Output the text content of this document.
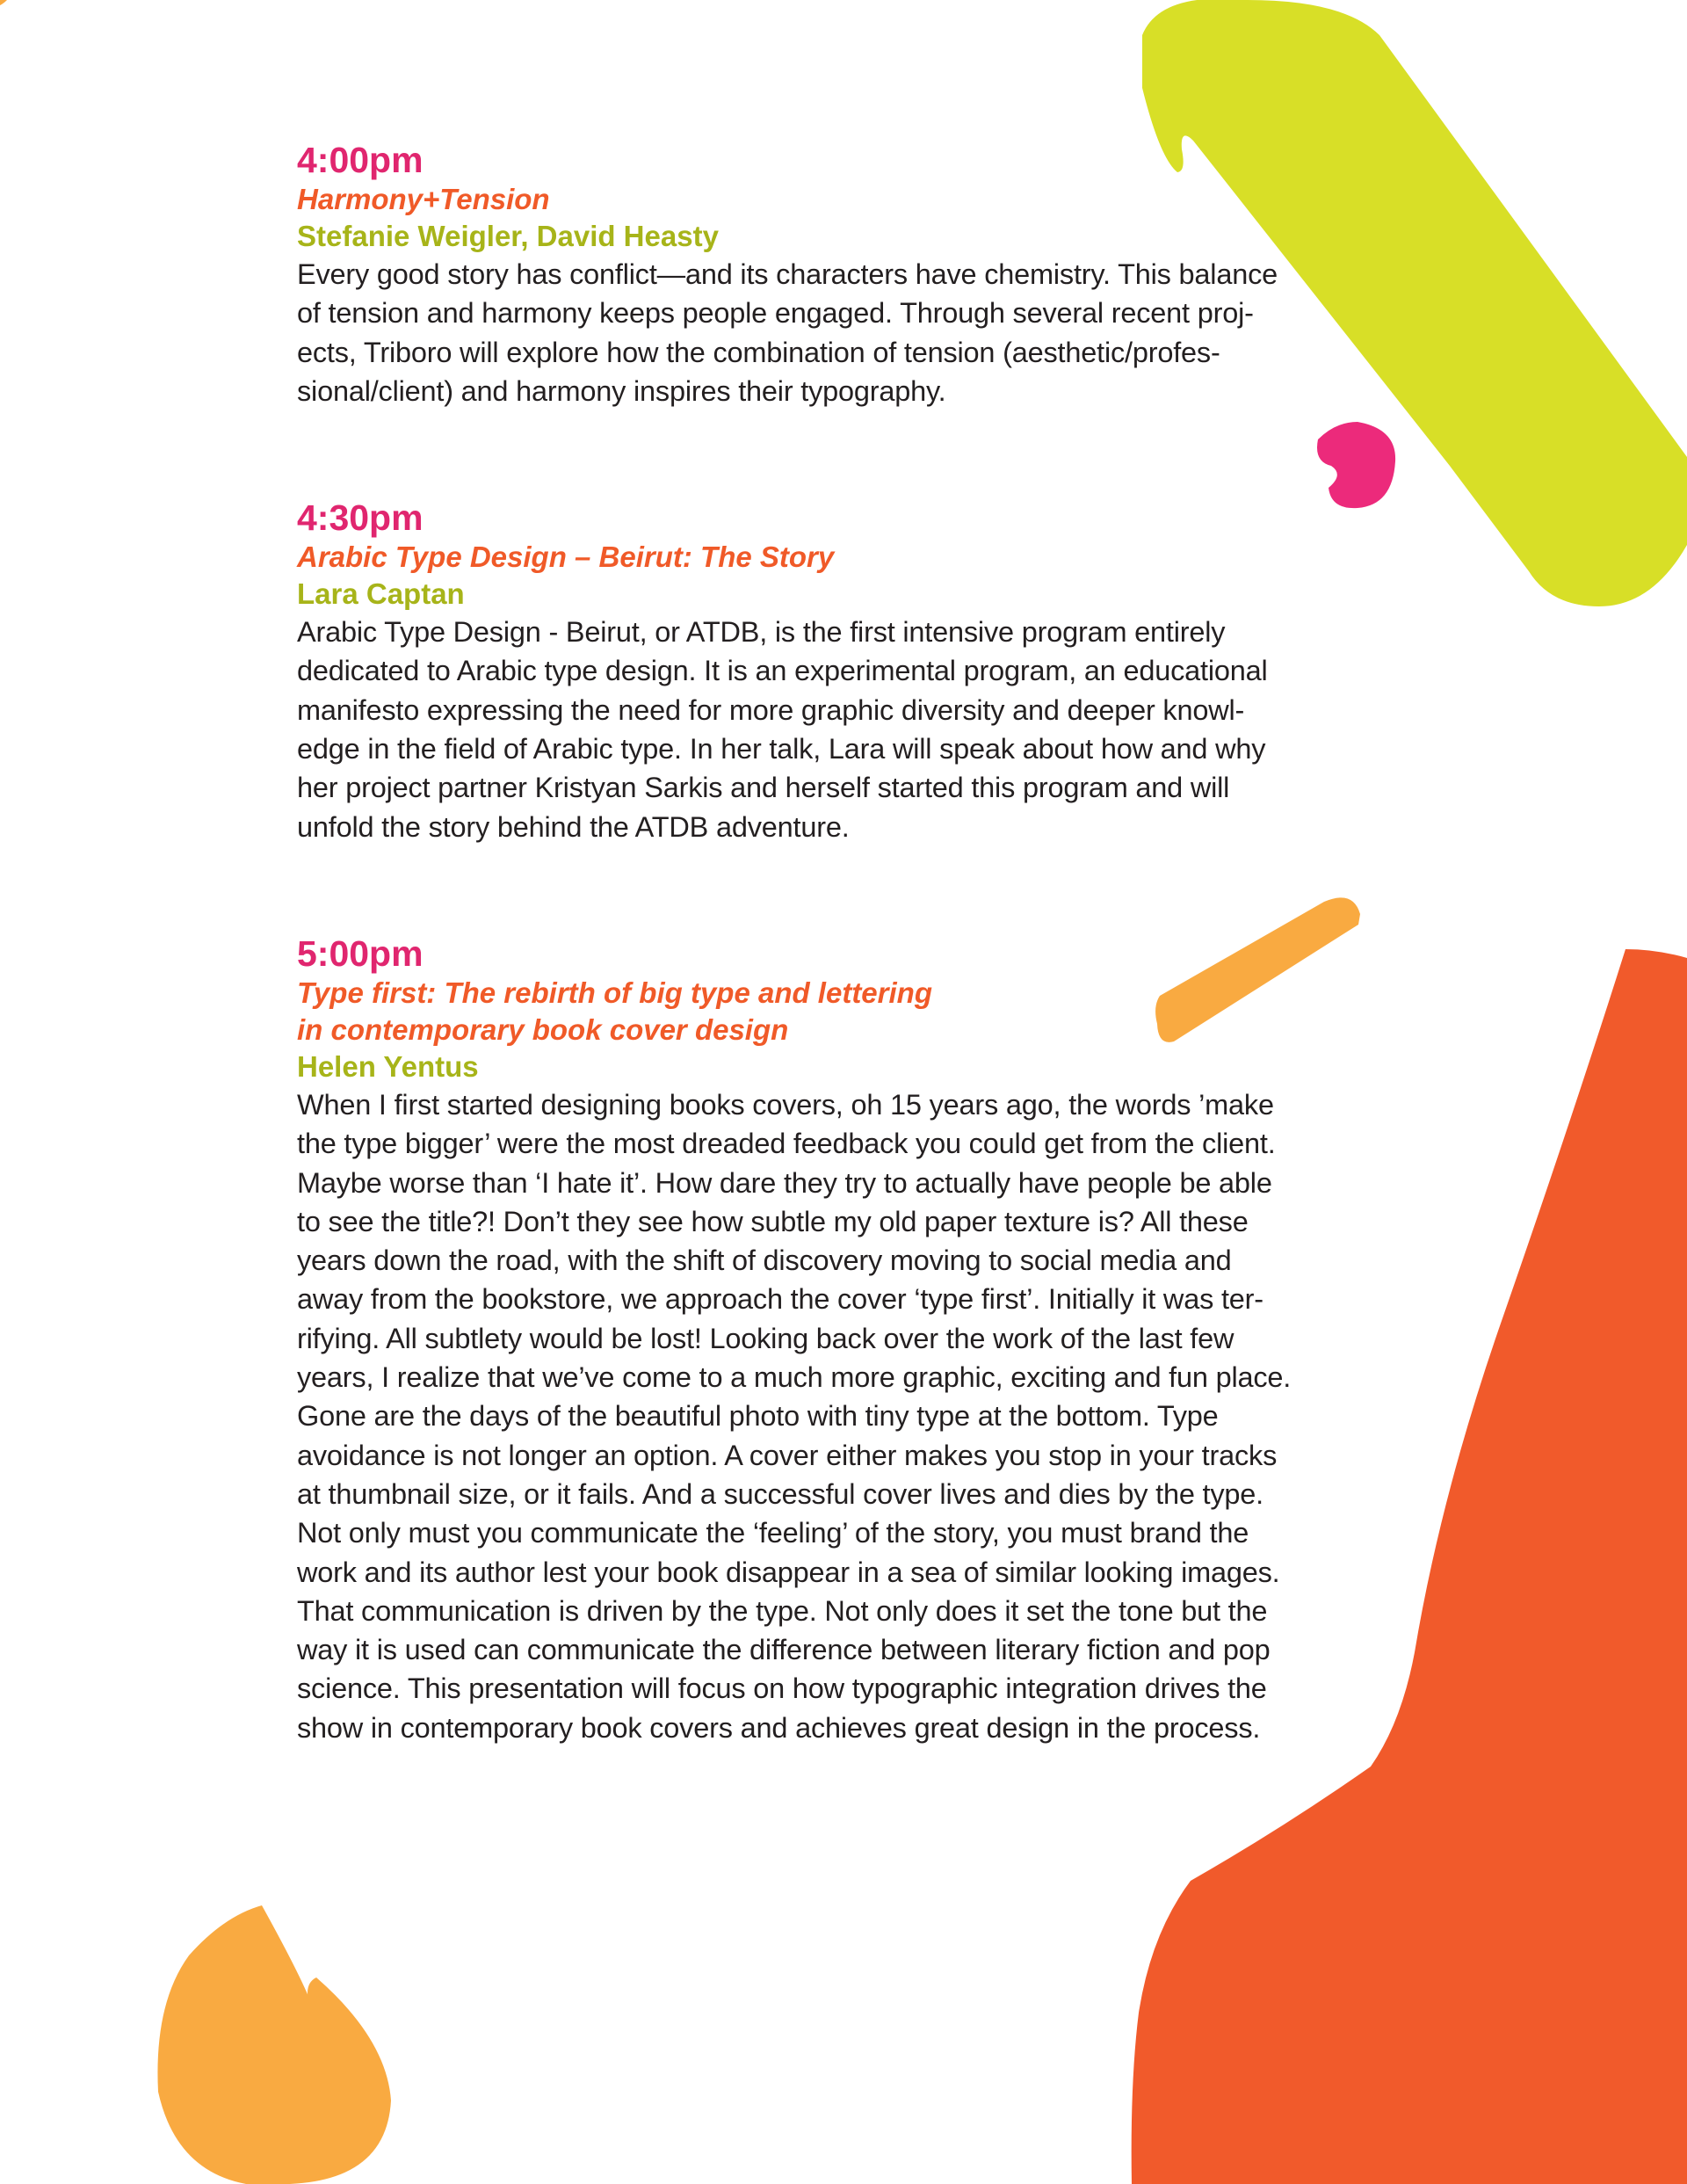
4:00pm

Harmony+Tension

Stefanie Weigler, David Heasty

Every good story has conflict—and its characters have chemistry. This balance
of tension and harmony keeps people engaged. Through several recent proj-
ects, Triboro will explore how the combination of tension (aesthetic/profes-
sional/client) and harmony inspires their typography.

4:30pm

Arabic Type Design – Beirut: The Story

Lara Captan

Arabic Type Design - Beirut, or ATDB, is the first intensive program entirely
dedicated to Arabic type design. It is an experimental program, an educational
manifesto expressing the need for more graphic diversity and deeper knowl-
edge in the field of Arabic type. In her talk, Lara will speak about how and why
her project partner Kristyan Sarkis and herself started this program and will
unfold the story behind the ATDB adventure.

5:00pm

Type first: The rebirth of big type and lettering
in contemporary book cover design

Helen Yentus

When I first started designing books covers, oh 15 years ago, the words ’make
the type bigger’ were the most dreaded feedback you could get from the client.
Maybe worse than ‘I hate it’. How dare they try to actually have people be able
to see the title?! Don’t they see how subtle my old paper texture is? All these
years down the road, with the shift of discovery moving to social media and
away from the bookstore, we approach the cover ‘type first’. Initially it was ter-
rifying. All subtlety would be lost! Looking back over the work of the last few
years, I realize that we’ve come to a much more graphic, exciting and fun place.
Gone are the days of the beautiful photo with tiny type at the bottom. Type
avoidance is not longer an option. A cover either makes you stop in your tracks
at thumbnail size, or it fails. And a successful cover lives and dies by the type.
Not only must you communicate the ‘feeling’ of the story, you must brand the
work and its author lest your book disappear in a sea of similar looking images.
That communication is driven by the type. Not only does it set the tone but the
way it is used can communicate the difference between literary fiction and pop
science. This presentation will focus on how typographic integration drives the
show in contemporary book covers and achieves great design in the process.
